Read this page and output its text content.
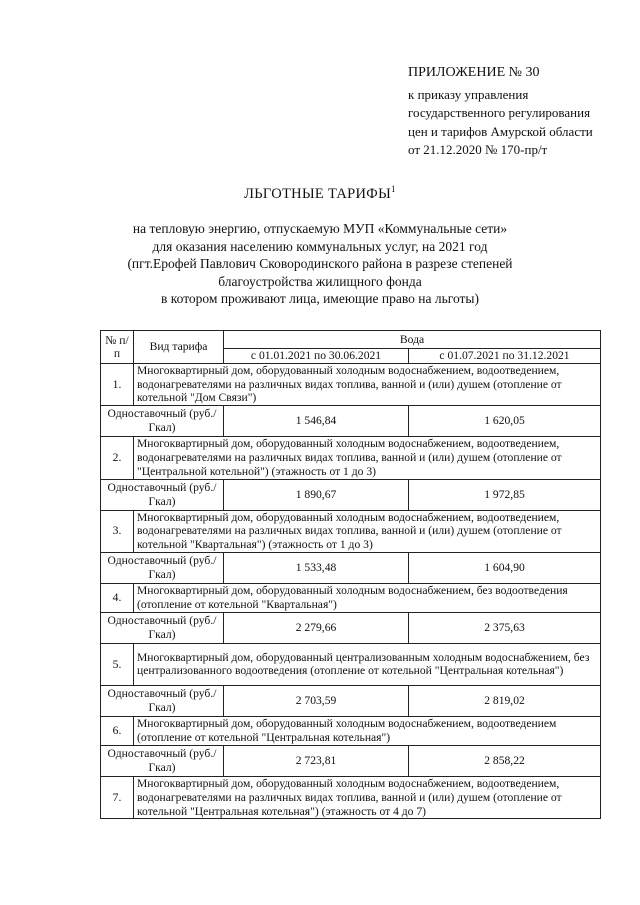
ПРИЛОЖЕНИЕ № 30
к приказу управления
государственного регулирования
цен и тарифов Амурской области
от 21.12.2020 № 170-пр/т
ЛЬГОТНЫЕ ТАРИФЫ$^1$
на тепловую энергию, отпускаемую МУП «Коммунальные сети»
для оказания населению коммунальных услуг, на 2021 год
(пгт.Ерофей Павлович Сковородинского района в разрезе степеней
благоустройства жилищного фонда
в котором проживают лица, имеющие право на льготы)
№ п/п	Вид тарифа	Вода	
		с 01.01.2021 по 30.06.2021	с 01.07.2021 по 31.12.2021
1.	Многоквартирный дом, оборудованный холодным водоснабжением, водоотведением, водонагревателями на различных видах топлива, ванной и (или) душем (отопление от котельной "Дом Связи")		
Одноставочный (руб./Гкал)		1 546,84	1 620,05
2.	Многоквартирный дом, оборудованный холодным водоснабжением, водоотведением, водонагревателями на различных видах топлива, ванной и (или) душем (отопление от "Центральной котельной") (этажность от 1 до 3)		
Одноставочный (руб./Гкал)		1 890,67	1 972,85
3.	Многоквартирный дом, оборудованный холодным водоснабжением, водоотведением, водонагревателями на различных видах топлива, ванной и (или) душем (отопление от котельной "Квартальная") (этажность от 1 до 3)		
Одноставочный (руб./Гкал)		1 533,48	1 604,90
4.	Многоквартирный дом, оборудованный холодным водоснабжением, без водоотведения (отопление от котельной "Квартальная")		
Одноставочный (руб./Гкал)		2 279,66	2 375,63
5.	Многоквартирный дом, оборудованный централизованным холодным водоснабжением, без централизованного водоотведения (отопление от котельной "Центральная котельная")		
Одноставочный (руб./Гкал)		2 703,59	2 819,02
6.	Многоквартирный дом, оборудованный холодным водоснабжением, водоотведением (отопление от котельной "Центральная котельная")		
Одноставочный (руб./Гкал)		2 723,81	2 858,22
7.	Многоквартирный дом, оборудованный холодным водоснабжением, водоотведением, водонагревателями на различных видах топлива, ванной и (или) душем (отопление от котельной "Центральная котельная") (этажность от 4 до 7)		
